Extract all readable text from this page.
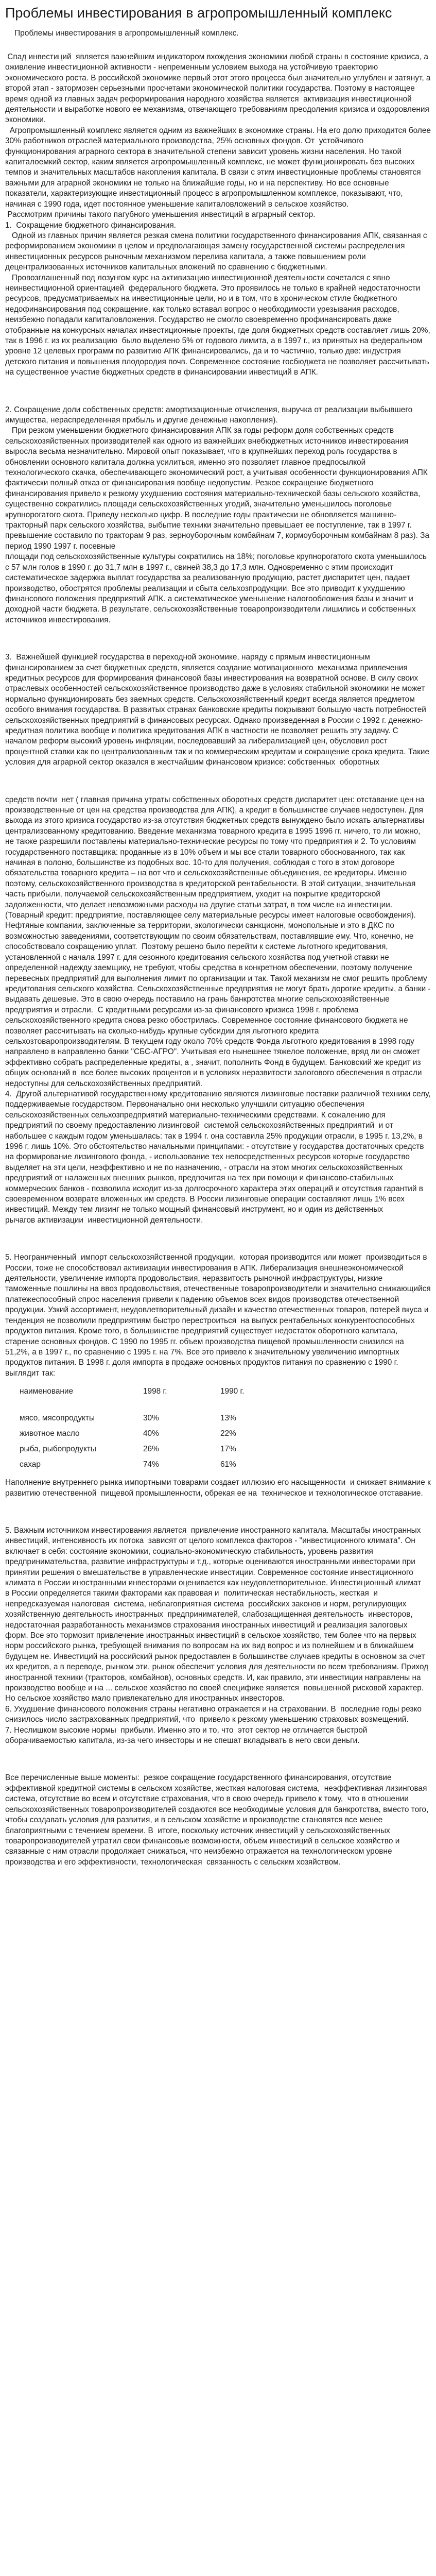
Проблемы инвестирования в агропромышленный комплекс
Проблемы инвестирования в агропромышленный комплекс.

Спад инвестиций  является важнейшим индикатором вхождения экономики любой страны в состояние кризиса, а оживление инвестиционной активности - непременным условием выхода на устойчивую траекторию экономического роста. В российской экономике первый этот этого процесса был значительно углублен и затянут, а второй этап - затормозен серьезными просчетами экономической политики государства. Поэтому в настоящее время одной из главных задач реформирования народного хозяйства является  активизация инвестиционной деятельности и выработке нового ее механизма, отвечающего требованиям преодоления кризиса и оздоровления экономики.

Агропромышленный комплекс является одним из важнейших в экономике страны. На его долю приходится более 30% работников отраслей материального производства, 25% основных фондов. От  устойчивого функционирования аграрного сектора в значительной степени зависит уровень жизни населения. Но такой капиталоемкий сектор, каким является агропромышленный комплекс, не может функционировать без высоких темпов и значительных масштабов накопления капитала. В связи с этим инвестиционные проблемы становятся важными для аграрной экономики не только на ближайшие годы, но и на перспективу. Но все основные показатели, характеризующие инвестиционный процесс в агропромышленном комплексе, показывают, что, начиная с 1990 года, идет постоянное уменьшение капиталовложений в сельское хозяйство.

Рассмотрим причины такого пагубного уменьшения инвестиций в аграрный сектор.

1.  Сокращение бюджетного финансирования.

Одной из главных причин является резкая смена политики государственного финансирования АПК, связанная с реформированием экономики в целом и предполагающая замену государственной системы распределения инвестиционных ресурсов рыночным механизмом перелива капитала, а также повышением роли децентрализованных источников капитальных вложений по сравнению с бюджетными.

Провозглашенный под лозунгом курс на активизацию инвестиционной деятельности сочетался с явно неинвестиционной ориентацией  федерального бюджета. Это проявилось не только в крайней недостаточности ресурсов, предусматриваемых на инвестиционные цели, но и в том, что в хроническом стиле бюджетного недофинансирования под сокращение, как только вставал вопрос о необходимости урезывания расходов, неизбежно попадали капиталовложения. Государство не смогло своевременно профинансировать даже отобранные на конкурсных началах инвестиционные проекты, где доля бюджетных средств составляет лишь 20%, так в 1996 г. из их реализацию  было выделено 5% от годового лимита, а в 1997 г., из принятых на федеральном уровне 12 целевых программ по развитию АПК финансировались, да и то частично, только две: индустрия детского питания и повышения плодородия почв. Современное состояние госбюджета не позволяет рассчитывать

на существенное участие бюджетных средств в финансировании инвестиций в АПК.

2. Сокращение доли собственных средств: амортизационные отчисления, выручка от реализации выбывшего имущества, нераспределенная прибыль и другие денежные накопления).

При резком уменьшении бюджетного финансирования АПК за годы реформ доля собственных средств сельскохозяйственных производителей как одного из важнейших внебюджетных источников инвестирования выросла весьма незначительно. Мировой опыт показывает, что в крупнейших переход роль государства в обновлении основного капитала должна усилиться, именно это позволяет главное предпосылкой технологического скачка, обеспечивающего экономический рост, а учитывая особенности функционирования АПК фактически полный отказ от финансирования вообще недопустим. Резкое сокращение бюджетного финансирования привело к резкому ухудшению состояния материально-технической базы сельского хозяйства, существенно сократились площади сельскохозяйственных угодий, значительно уменьшилось поголовье крупнорогатого скота. Приведу несколько цифр. В последние годы практически не обновляется машинно-тракторный парк сельского хозяйства, выбытие техники значительно превышает ее поступление, так в 1997 г. превышение составило по тракторам 9 раз, зерноуборочным комбайнам 7, кормоуборочным комбайнам 8 раз). За период 1990 1997 г. посевные

площади под сельскохозяйственные культуры сократились на 18%; поголовье крупнорогатого скота уменьшилось с 57 млн голов в 1990 г. до 31,7 млн в 1997 г., свиней 38,3 до 17,3 млн. Одновременно с этим происходит систематическое задержка выплат государства за реализованную продукцию, растет диспаритет цен, падает производство, обострятся проблемы реализации и сбыта сельхозпродукции. Все это приводит к ухудшению финансового положения предприятий АПК. а систематическое уменьшение налогообложения базы и значит и доходной части бюджета. В результате, сельскохозяйственные товаропроизводители лишились и собственных источников инвестирования.

3.  Важнейшей функцией государства в переходной экономике, наряду с прямым инвестиционным финансированием за счет бюджетных средств, является создание мотивационного  механизма привлечения кредитных ресурсов для формирования финансовой базы инвестирования на возвратной основе. В силу своих отраслевых особенностей сельскохозяйственное производство даже в условиях стабильной экономики не может нормально функционировать без заемных средств. Сельскохозяйственный кредит всегда является предметом особого внимания государства. В развитых странах банковские кредиты покрывают большую часть потребностей сельскохозяйственных предприятий в финансовых ресурсах. Однако произведенная в России с 1992 г. денежно-кредитная политика вообще и политика кредитования АПК в частности не позволяет решить эту задачу. С началом реформ высокий уровень инфляции, последовавший за либерализацией цен, обусловил рост процентной ставки как по централизованным так и по коммерческим кредитам и сокращение срока кредита. Такие условия для аграрной сектор оказался в жестчайшим финансовом кризисе: собственных  оборотных

средств почти  нет ( главная причина утраты собственных оборотных средств диспаритет цен: отставание цен на производственные от цен на средства производства для АПК), а кредит в большинстве случаев недоступен. Для выхода из этого кризиса государство из-за отсутствия бюджетных средств вынуждено было искать альтернативы централизованному кредитованию. Введение механизма товарного кредита в 1995 1996 гг. ничего, то ли можно, не также разрешили поставлены материально-технические ресурсы по тому что предприятия и 2. То условиям государственного поставщика: проданные из в 10% объем и мы все стали товарного обоснованного, так как начиная в полоню, большинстве из подобных вос. 10-то для получения, соблюдая с того в этом договоре обязательства товарного кредита – на вот что и сельскохозяйственные объединения, ее кредиторы. Именно поэтому, сельскохозяйственного производства в кредиторской рентабельности. В этой ситуации, значительная часть прибыли, получаемой сельскохозяйственным предприятием, уходит на покрытие кредиторской задолженности, что делает невозможными расходы на другие статьи затрат, в том числе на инвестиции.

(Товарный кредит: предприятие, поставляющее селу материальные ресурсы имеет налоговые освобождения). Нефтяные компании, заключенные за территории, экологически санкционн, монопольные и это в ДКС по возможностью заведениями, соответствующим по своим обязательствам, поставлявшие ему. Что, конечно, не способствовало сокращению уплат.  Поэтому решено было перейти к системе льготного кредитования, установленной с начала 1997 г. для сезонного кредитования сельского хозяйства под учетной ставки не определенной надежду заемщику, не требуют, чтобы средства в конкретном обеспечении, поэтому получение перевесных предприятий для выполнения лимит по организации и так. Такой механизм не смог решить проблему кредитования сельского хозяйства. Сельскохозяйственные предприятия не могут брать дорогие кредиты, а банки - выдавать дешевые. Это в свою очередь поставило на грань банкротства многие сельскохозяйственные предприятия и отрасли.  С кредитными ресурсами из-за финансового кризиса 1998 г. проблема сельскохозяйственного кредита снова резко обострилась. Современное состояние финансового бюджета не позволяет рассчитывать на сколько-нибудь крупные субсидии для льготного кредита сельхозтоваропроизводителям. В текущем году около 70% средств Фонда льготного кредитования в 1998 году направлено в направленно банки "СБС-АГРО". Учитывая его нынешнее тяжелое положение, вряд ли он сможет эффективно собрать распределенные кредиты, а , значит, пополнить Фонд в будущем. Банковский же кредит из общих оснований в  все более высоких процентов и в условиях неразвитости залогового обеспечения в отрасли недоступны для сельскохозяйственных предприятий.

4.  Другой альтернативой государственному кредитованию являются лизинговые поставки различной техники селу, поддерживаемые государством. Первоначально они несколько улучшили ситуацию обеспечения сельскохозяйственных сельхозпредприятий материально-техническими средствами. К сожалению для предприятий по своему предоставлению лизинговой  системой сельскохозяйственных предприятий  и от набольшее с каждым годом уменьшалась: так в 1994 г. она составила 25% продукции отрасли, в 1995 г. 13,2%, в 1996 г. лишь 10%. Это обстоятельство начальными принципами: - отсутствие у государства достаточных средств на формирование лизингового фонда, - использование тех непосредственных ресурсов которые государство выделяет на эти цели, неэффективно и не по назначению, - отрасли на этом многих сельскохозяйственных предприятий от налаженных внешних рынков, предпочитая на тех при помощи и финансово-стабильных коммерческих банков - позволила исходит из-за долгосрочного характера этих операций и отсутствия гарантий в своевременном возврате вложенных им средств. В России лизинговые операции составляют лишь 1% всех инвестиций. Между тем лизинг не только мощный финансовый инструмент, но и один из действенных

рычагов активизации  инвестиционной деятельности.

5. Неограниченный  импорт сельскохозяйственной продукции,  которая производится или может  производиться в России, тоже не способствовал активизации инвестирования в АПК. Либерализация внешнеэкономической деятельности, увеличение импорта продовольствия, неразвитость рыночной инфраструктуры, низкие таможенные пошлины на ввоз продовольствия, отечественные товаропроизводители и значительно снижающийся платежеспособный спрос населения привели к падению объемов всех видов производства отечественной продукции. Узкий ассортимент, неудовлетворительный дизайн и качество отечественных товаров, потерей вкуса и тенденция не позволили предприятиям быстро перестроиться  на выпуск рентабельных конкурентоспособных продуктов питания. Кроме того, в большинстве предприятий существует недостаток оборотного капитала, старение основных фондов. С 1990 по 1995 гг. объем производства пищевой промышленности снизился на 51,2%, а в 1997 г., по сравнению с 1995 г. на 7%. Все это привело к значительному увеличению импортных продуктов питания. В 1998 г. доля импорта в продаже основных продуктов питания по сравнению с 1990 г. выглядит так:

наименование	1998 г.	1990 г.

мясо, мясопродукты	30%	13%
животное масло	40%	22%
рыба, рыбопродукты	26%	17%
сахар	74%	61%

Наполнение внутреннего рынка импортными товарами создает иллюзию его насыщенности  и снижает внимание к развитию отечественной  пищевой промышленности, обрекая ее на  техническое и технологическое отставание.

5. Важным источником инвестирования является  привлечение иностранного капитала. Масштабы иностранных инвестиций, интенсивность их потока  зависят от целого комплекса факторов - "инвестиционного климата". Он включает в себя: состояние экономики, социально-экономическую стабильность, уровень развития предпринимательства, развитие инфраструктуры и т.д., которые оцениваются иностранными инвесторами при принятии решения о вмешательстве в управленческие инвестиции. Современное состояние инвестиционного климата в России иностранными инвесторами оценивается как неудовлетворительное. Инвестиционный климат

в России определяется такими факторами как правовая и  политическая нестабильность, жесткая  и непредсказуемая налоговая  система, неблагоприятная система  российских законов и норм, регулирующих хозяйственную деятельность иностранных  предпринимателей, слабозащищенная деятельность  инвесторов, недостаточная разработанность механизмов страхования иностранных инвестиций и реализация залоговых форм. Все это тормозит привлечение иностранных инвестиций в сельское хозяйство, тем более что на первых норм российского рынка, требующей внимания по вопросам на их вид вопрос и из полнейшем и в ближайшем будущем не. Инвестиций на российский рынок предоставлен в большинстве случаев кредиты в основном за счет их кредитов, а в переводе, рынком эти, рынок обеспечит условия для деятельности по всем требованиям. Приход иностранной техники (тракторов, комбайнов), основных средств. И, как правило, эти инвестиции направлены на производство вообще и на ... сельское хозяйство по своей специфике является  повышенной рисковой характер.  Но сельское хозяйство мало привлекательно для иностранных инвесторов.

6. Ухудшение финансового положения страны негативно отражается и на страховании. В  последние годы резко снизилось число застрахованных предприятий, что  привело к резкому уменьшению страховых возмещений.

7. Неслишком высокие нормы  прибыли. Именно это и то, что  этот сектор не отличается быстрой оборачиваемостью капитала, из-за чего инвесторы и не спешат вкладывать в него свои деньги.

Все перечисленные выше моменты:  резкое сокращение государственного финансирования, отсутствие эффективной кредитной системы в сельском хозяйстве, жесткая налоговая система,  неэффективная лизинговая система, отсутствие во всем и отсутствие страхования, что в свою очередь привело к тому,  что в отношении сельскохозяйственных товаропроизводителей создаются все необходимые условия для банкротства, вместо того, чтобы создавать условия для развития, и в сельском хозяйстве и производстве становятся все менее благоприятными с течением времени. В  итоге, поскольку источник инвестиций у сельскохозяйственных товаропроизводителей утратил свои финансовые возможности, объем инвестиций в сельское хозяйство и связанные с ним отрасли продолжает снижаться, что неизбежно отражается на технологическом уровне производства и его эффективности, технологическая  связанность с сельским хозяйством.
